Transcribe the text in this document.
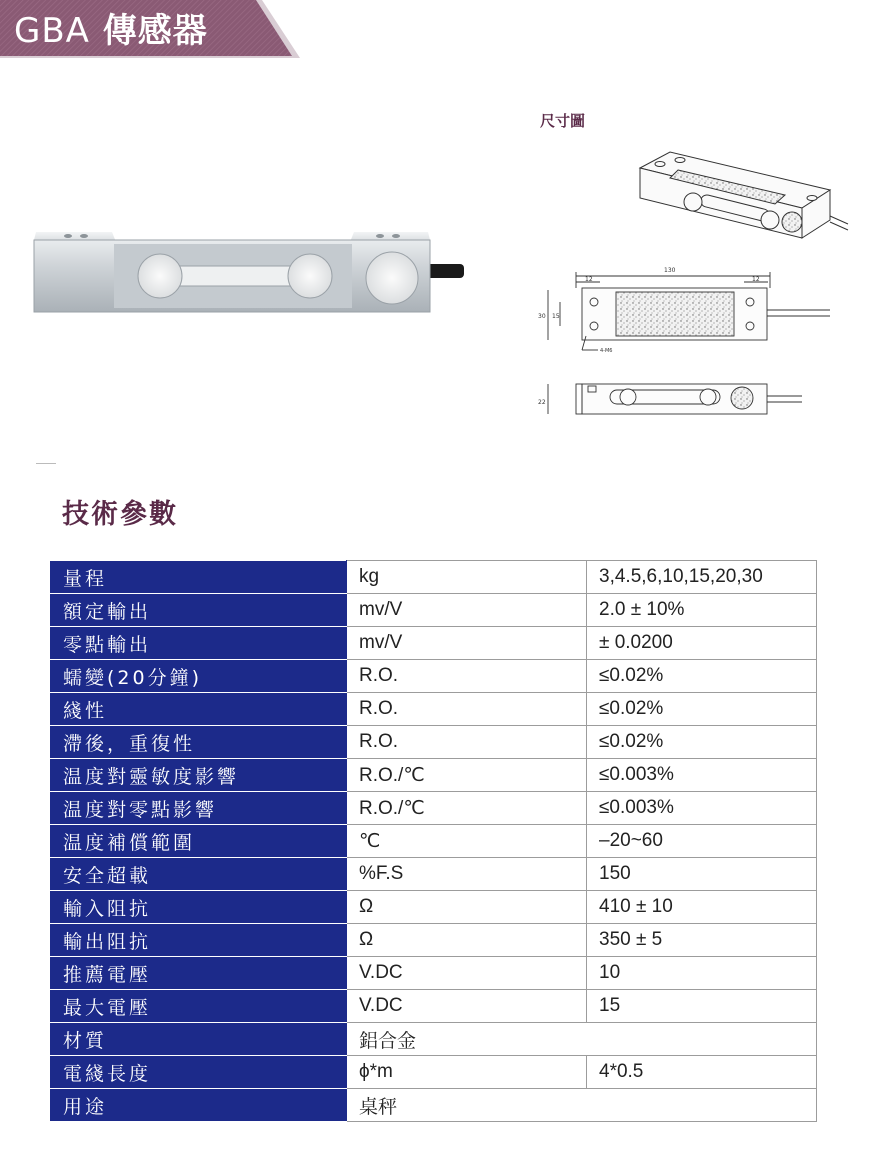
GBA 傳感器
尺寸圖
130
12	12
30 15
4-M6
22
技術參數
量程	kg	3,4.5,6,10,15,20,30
額定輸出	mv/V	2.0 ± 10%
零點輸出	mv/V	± 0.0200
蠕變(20分鐘)	R.O.	≤0.02%
綫性	R.O.	≤0.02%
滯後，重復性	R.O.	≤0.02%
温度對靈敏度影響	R.O./℃	≤0.003%
温度對零點影響	R.O./℃	≤0.003%
温度補償範圍	℃	–20~60
安全超載	%F.S	150
輸入阻抗	Ω	410 ± 10
輸出阻抗	Ω	350 ± 5
推薦電壓	V.DC	10
最大電壓	V.DC	15
材質	鋁合金	
電綫長度	ϕ*m	4*0.5
用途	桌秤	
